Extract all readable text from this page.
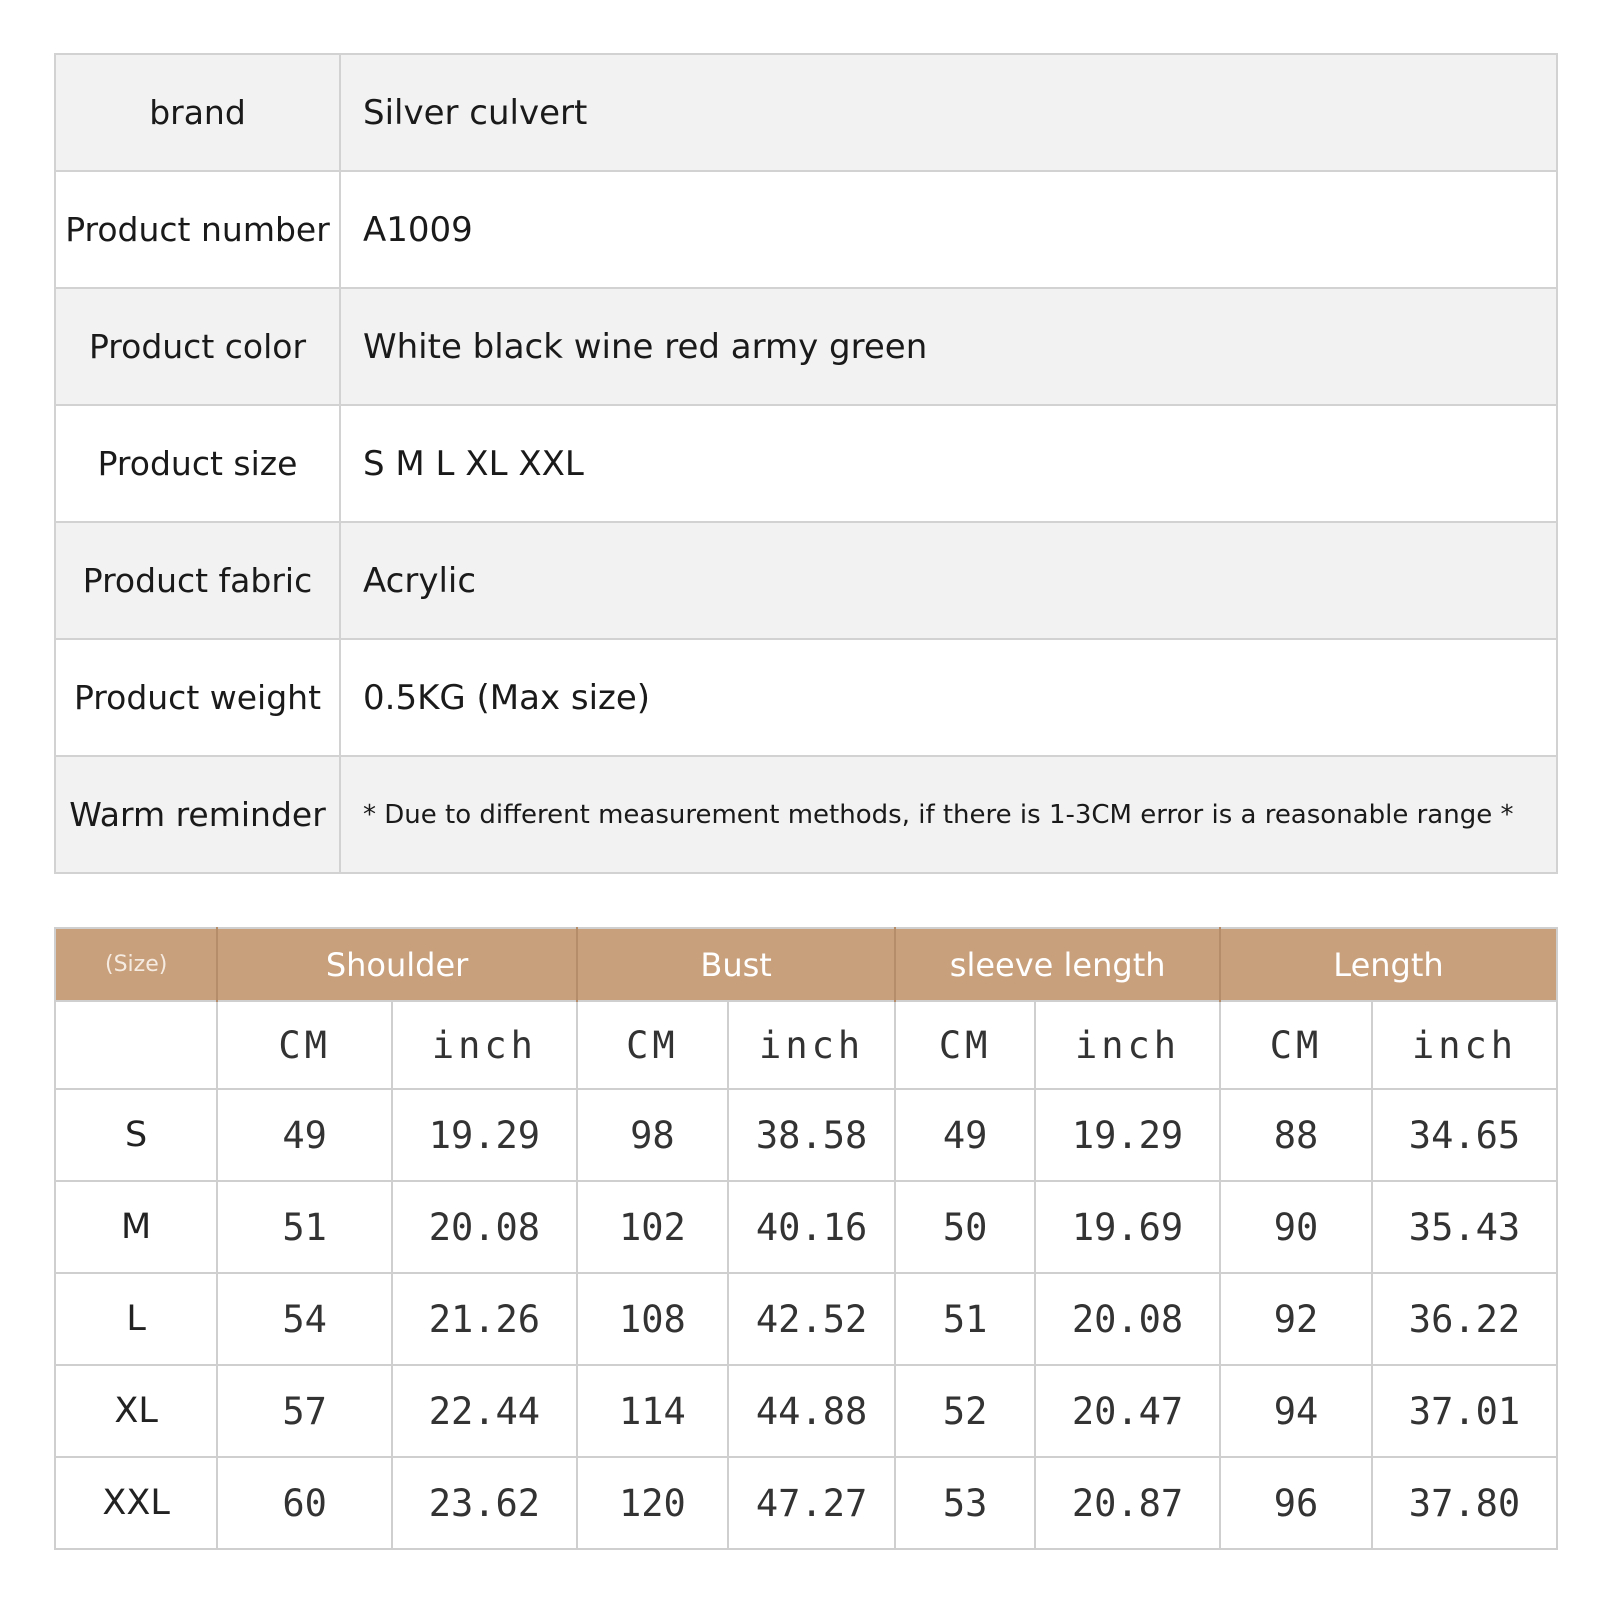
brand	Silver culvert
Product number	A1009
Product color	White black wine red army green
Product size	S M L XL XXL
Product fabric	Acrylic
Product weight	0.5KG (Max size)
Warm reminder	* Due to different measurement methods, if there is 1-3CM error is a reasonable range *
(Size)	Shoulder		Bust		sleeve length		Length	
	CM	inch	CM	inch	CM	inch	CM	inch
S	49	19.29	98	38.58	49	19.29	88	34.65
M	51	20.08	102	40.16	50	19.69	90	35.43
L	54	21.26	108	42.52	51	20.08	92	36.22
XL	57	22.44	114	44.88	52	20.47	94	37.01
XXL	60	23.62	120	47.27	53	20.87	96	37.80
